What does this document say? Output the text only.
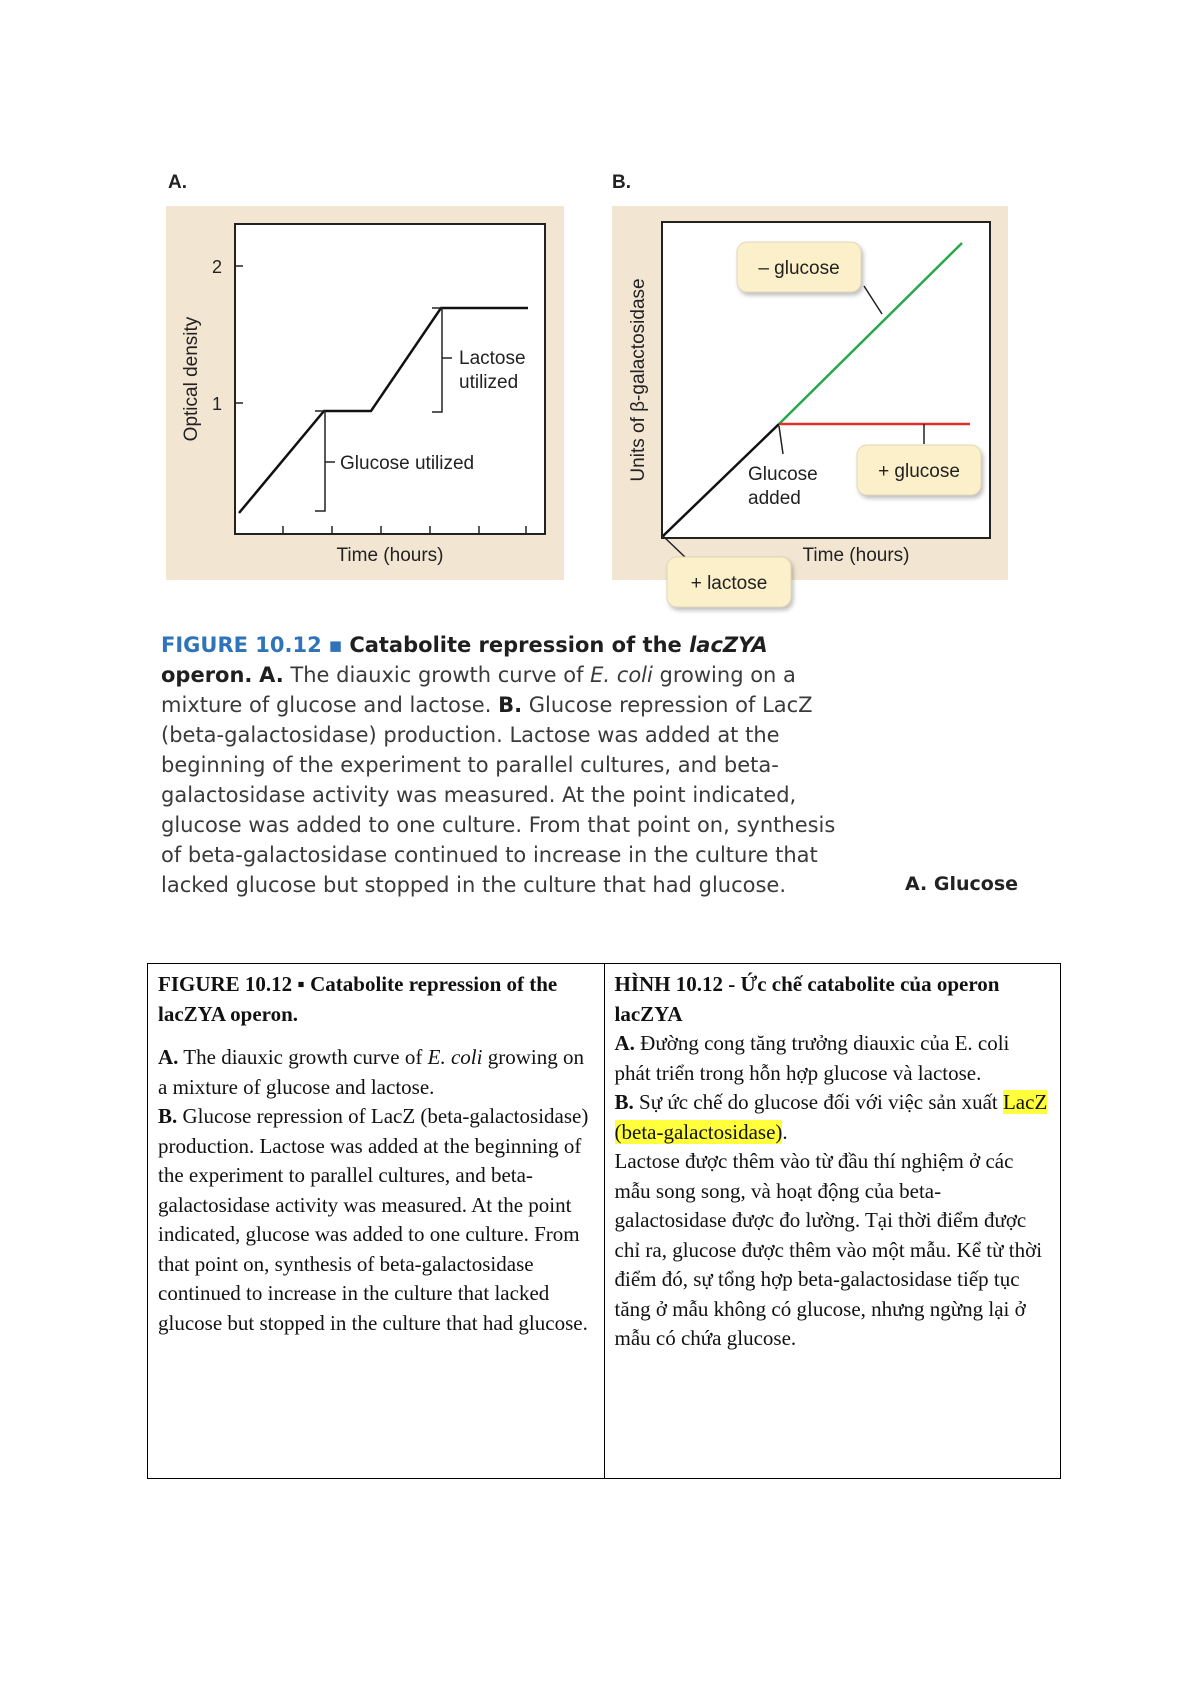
A.	B.
2
1
Optical density
Time (hours)
Glucose utilized
Lactose
utilized
– glucose
+ glucose
+ lactose
Glucose
added
Units of β-galactosidase
Time (hours)
FIGURE 10.12 ▪ Catabolite repression of the lacZYA operon. A. The diauxic growth curve of E. coli growing on a mixture of glucose and lactose. B. Glucose repression of LacZ (beta-galactosidase) production. Lactose was added at the beginning of the experiment to parallel cultures, and beta-galactosidase activity was measured. At the point indicated, glucose was added to one culture. From that point on, synthesis of beta-galactosidase continued to increase in the culture that lacked glucose but stopped in the culture that had glucose.	A. Glucose

FIGURE 10.12 ▪ Catabolite repression of the lacZYA operon.

A. The diauxic growth curve of E. coli growing on a mixture of glucose and lactose.

B. Glucose repression of LacZ (beta-galactosidase) production. Lactose was added at the beginning of the experiment to parallel cultures, and beta-galactosidase activity was measured. At the point indicated, glucose was added to one culture. From that point on, synthesis of beta-galactosidase continued to increase in the culture that lacked glucose but stopped in the culture that had glucose.

HÌNH 10.12 - Ức chế catabolite của operon lacZYA

A. Đường cong tăng trưởng diauxic của E. coli phát triển trong hỗn hợp glucose và lactose.

B. Sự ức chế do glucose đối với việc sản xuất LacZ (beta-galactosidase).

Lactose được thêm vào từ đầu thí nghiệm ở các mẫu song song, và hoạt động của beta-galactosidase được đo lường. Tại thời điểm được chỉ ra, glucose được thêm vào một mẫu. Kể từ thời điểm đó, sự tổng hợp beta-galactosidase tiếp tục tăng ở mẫu không có glucose, nhưng ngừng lại ở mẫu có chứa glucose.
